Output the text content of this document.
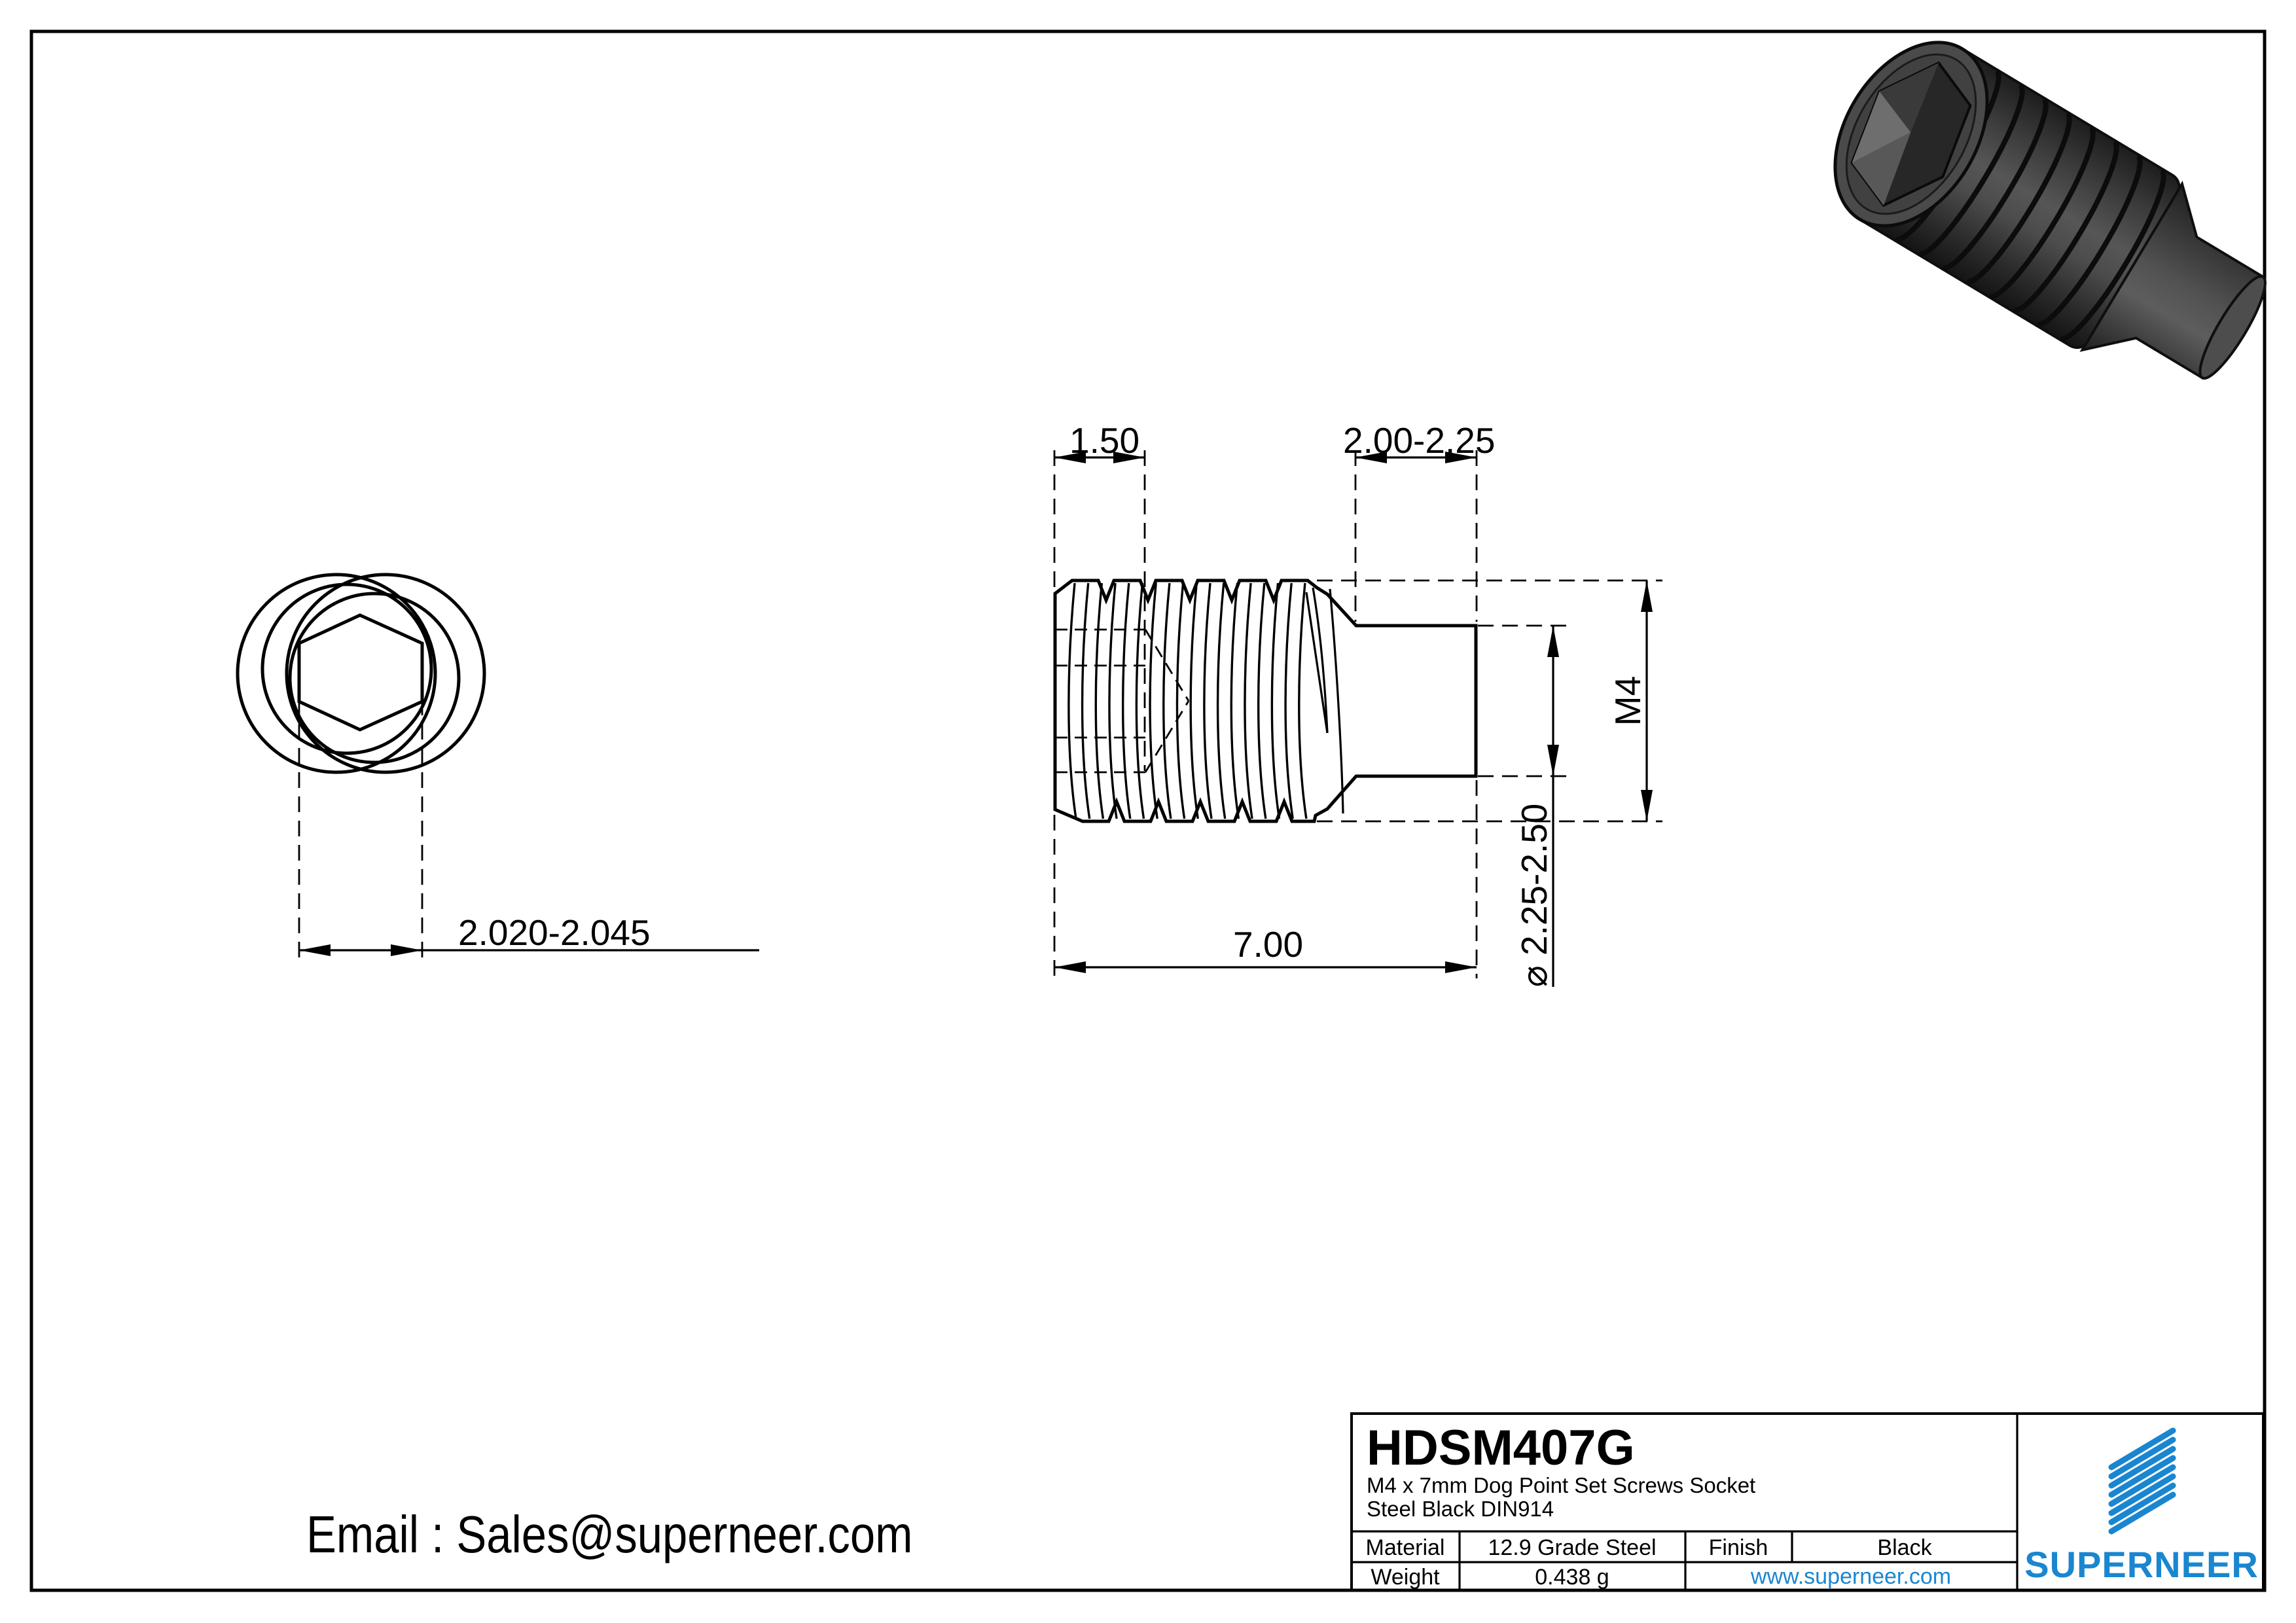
2.020-2.045
1.50	2.00-2.25
7.00
M4
⌀ 2.25-2.50
Email : Sales@superneer.com
HDSM407G
M4 x 7mm Dog Point Set Screws Socket
Steel Black DIN914
Material 12.9 Grade Steel Finish	Black
Weight	0.438 g	www.superneer.com SUPERNEER
